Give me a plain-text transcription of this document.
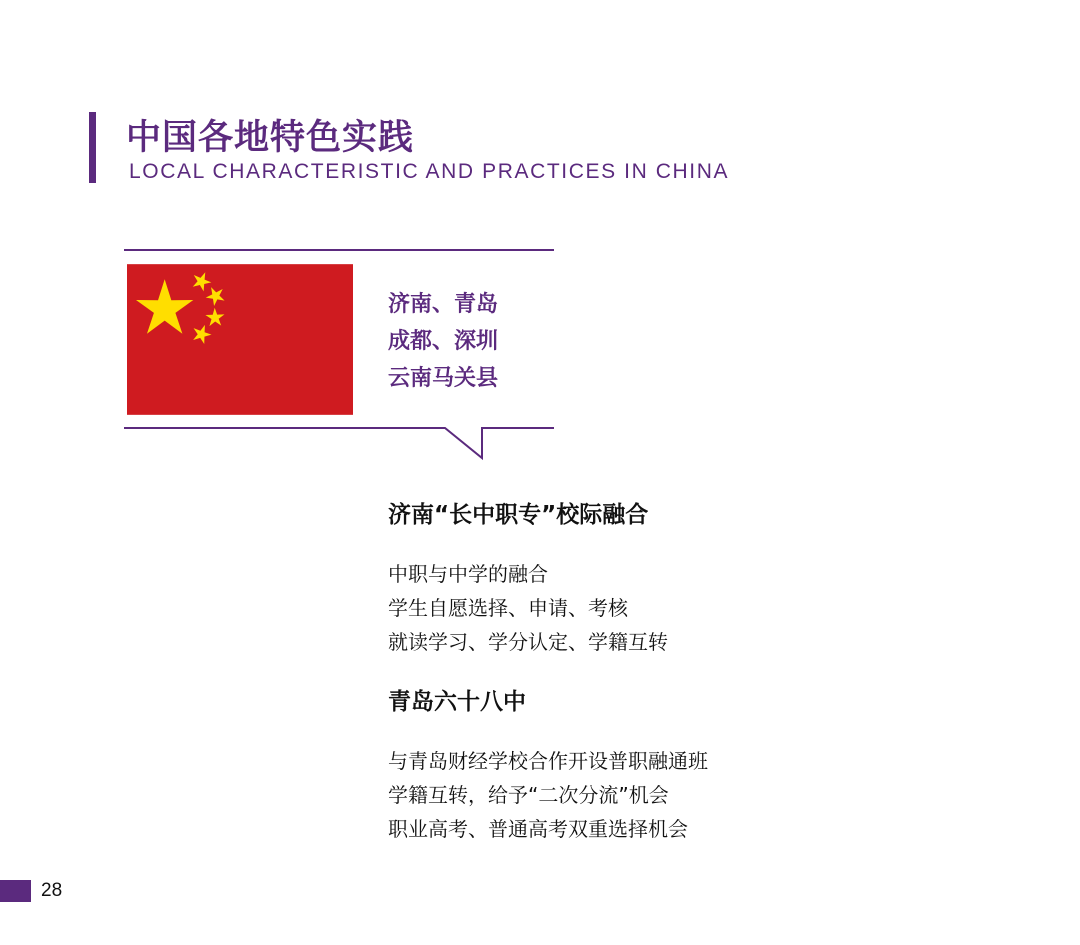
中国各地特色实践
LOCAL CHARACTERISTIC AND PRACTICES IN CHINA
济南、青岛
成都、深圳
云南马关县
济南“长中职专”校际融合
中职与中学的融合
学生自愿选择、申请、考核
就读学习、学分认定、学籍互转
青岛六十八中
与青岛财经学校合作开设普职融通班
学籍互转，给予“二次分流”机会
职业高考、普通高考双重选择机会
28
